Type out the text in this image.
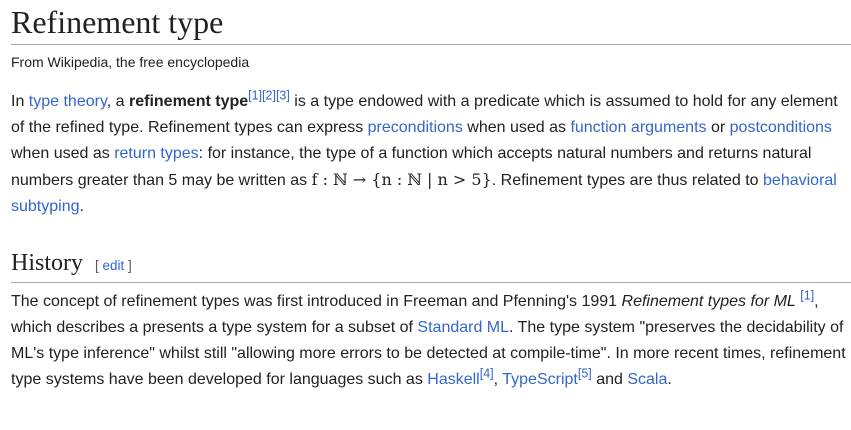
Refinement type
From Wikipedia, the free encyclopedia

In type theory, a refinement type[1][2][3] is a type endowed with a predicate which is assumed to hold for any element of the refined type. Refinement types can express preconditions when used as function arguments or postconditions when used as return types: for instance, the type of a function which accepts natural numbers and returns natural numbers greater than 5 may be written as f : ℕ → {n : ℕ | n > 5}. Refinement types are thus related to behavioral subtyping.

History [ edit ]

The concept of refinement types was first introduced in Freeman and Pfenning's 1991 Refinement types for ML [1], which describes a presents a type system for a subset of Standard ML. The type system "preserves the decidability of ML's type inference" whilst still "allowing more errors to be detected at compile-time". In more recent times, refinement type systems have been developed for languages such as Haskell[4], TypeScript[5] and Scala.
